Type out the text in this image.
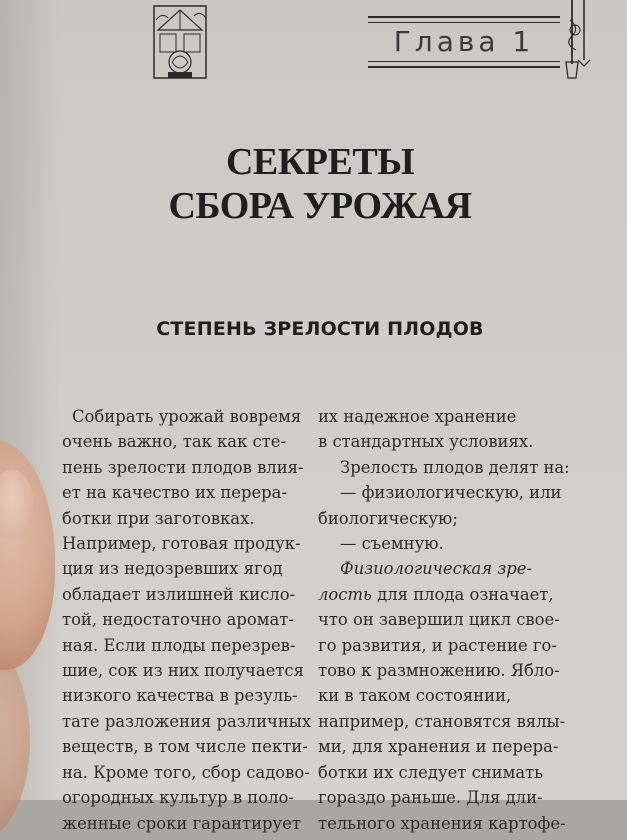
Глава 1
СЕКРЕТЫ
СБОРА УРОЖАЯ
СТЕПЕНЬ ЗРЕЛОСТИ ПЛОДОВ
Собирать урожай вовремя
очень важно, так как сте-
пень зрелости плодов влия-
ет на качество их перера-
ботки при заготовках.
Например, готовая продук-
ция из недозревших ягод
обладает излишней кисло-
той, недостаточно аромат-
ная. Если плоды перезрев-
шие, сок из них получается
низкого качества в резуль-
тате разложения различных
веществ, в том числе пекти-
на. Кроме того, сбор садово-
огородных культур в поло-
женные сроки гарантирует
их надежное хранение
в стандартных условиях.
Зрелость плодов делят на:
— физиологическую, или
биологическую;
— съемную.
Физиологическая зре-
лость для плода означает,
что он завершил цикл свое-
го развития, и растение го-
тово к размножению. Ябло-
ки в таком состоянии,
например, становятся вялы-
ми, для хранения и перера-
ботки их следует снимать
гораздо раньше. Для дли-
тельного хранения картофе-
